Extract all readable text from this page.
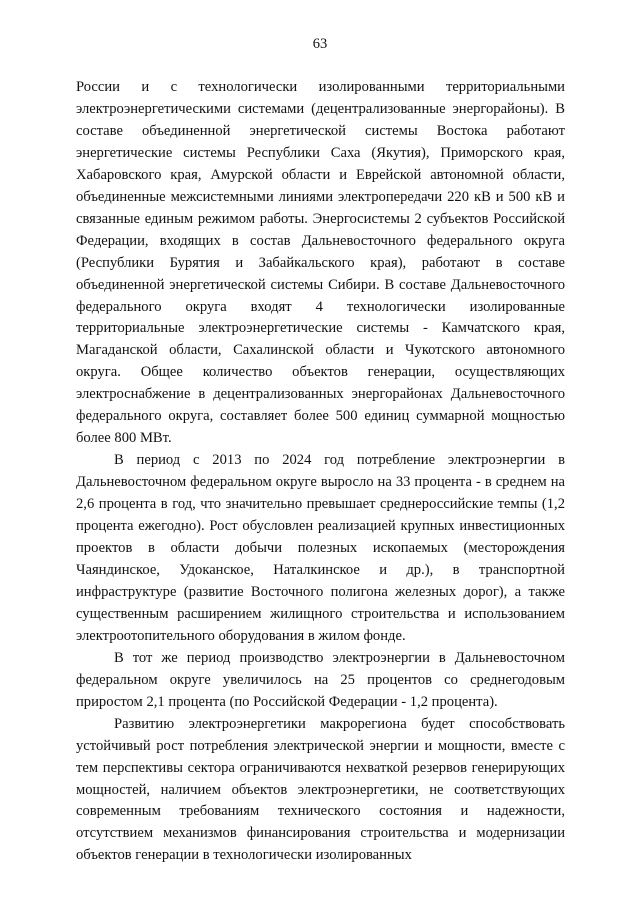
63

России и с технологически изолированными территориальными электроэнергетическими системами (децентрализованные энергорайоны). В составе объединенной энергетической системы Востока работают энергетические системы Республики Саха (Якутия), Приморского края, Хабаровского края, Амурской области и Еврейской автономной области, объединенные межсистемными линиями электропередачи 220 кВ и 500 кВ и связанные единым режимом работы. Энергосистемы 2 субъектов Российской Федерации, входящих в состав Дальневосточного федерального округа (Республики Бурятия и Забайкальского края), работают в составе объединенной энергетической системы Сибири. В составе Дальневосточного федерального округа входят 4 технологически изолированные территориальные электроэнергетические системы - Камчатского края, Магаданской области, Сахалинской области и Чукотского автономного округа. Общее количество объектов генерации, осуществляющих электроснабжение в децентрализованных энергорайонах Дальневосточного федерального округа, составляет более 500 единиц суммарной мощностью более 800 МВт.

В период с 2013 по 2024 год потребление электроэнергии в Дальневосточном федеральном округе выросло на 33 процента - в среднем на 2,6 процента в год, что значительно превышает среднероссийские темпы (1,2 процента ежегодно). Рост обусловлен реализацией крупных инвестиционных проектов в области добычи полезных ископаемых (месторождения Чаяндинское, Удоканское, Наталкинское и др.), в транспортной инфраструктуре (развитие Восточного полигона железных дорог), а также существенным расширением жилищного строительства и использованием электроотопительного оборудования в жилом фонде.

В тот же период производство электроэнергии в Дальневосточном федеральном округе увеличилось на 25 процентов со среднегодовым приростом 2,1 процента (по Российской Федерации - 1,2 процента).

Развитию электроэнергетики макрорегиона будет способствовать устойчивый рост потребления электрической энергии и мощности, вместе с тем перспективы сектора ограничиваются нехваткой резервов генерирующих мощностей, наличием объектов электроэнергетики, не соответствующих современным требованиям технического состояния и надежности, отсутствием механизмов финансирования строительства и модернизации объектов генерации в технологически изолированных
